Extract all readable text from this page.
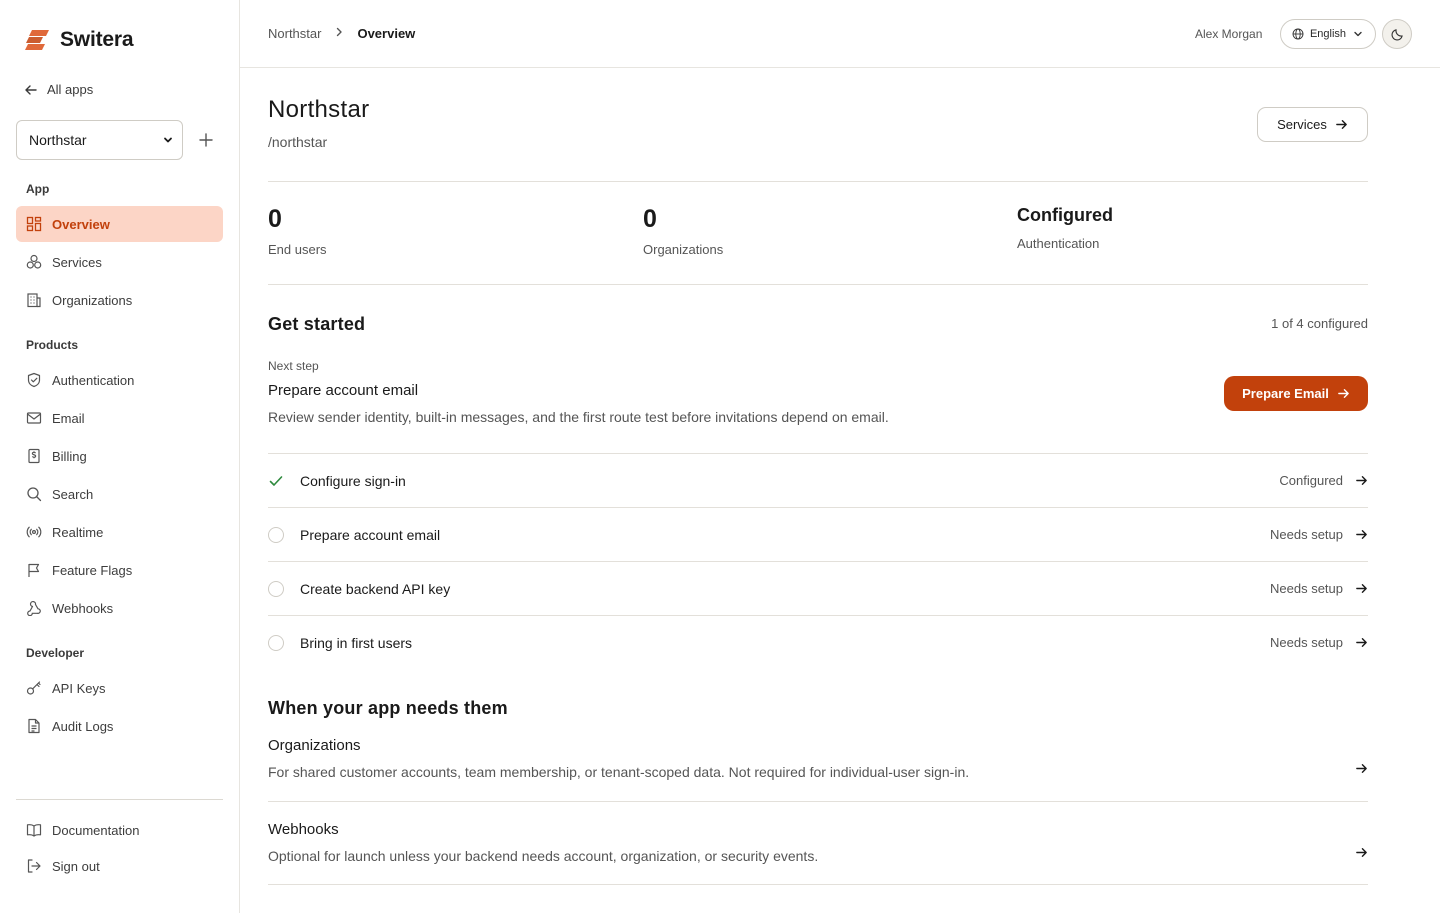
Switera
All apps
Northstar
App
Overview
Services
Organizations
Products
Authentication
Email
Billing
Search
Realtime
Feature Flags
Webhooks
Developer
API Keys
Audit Logs
Documentation
Sign out
Northstar	Overview	Alex Morgan	English
Northstar
/northstar
Services
0
End users
0
Organizations
Configured
Authentication
Get started	1 of 4 configured
Next step
Prepare account email
Review sender identity, built-in messages, and the first route test before invitations depend on email.
Prepare Email
Configure sign-in	Configured
Prepare account email	Needs setup
Create backend API key	Needs setup
Bring in first users	Needs setup
When your app needs them
Organizations
For shared customer accounts, team membership, or tenant-scoped data. Not required for individual-user sign-in.
Webhooks
Optional for launch unless your backend needs account, organization, or security events.
